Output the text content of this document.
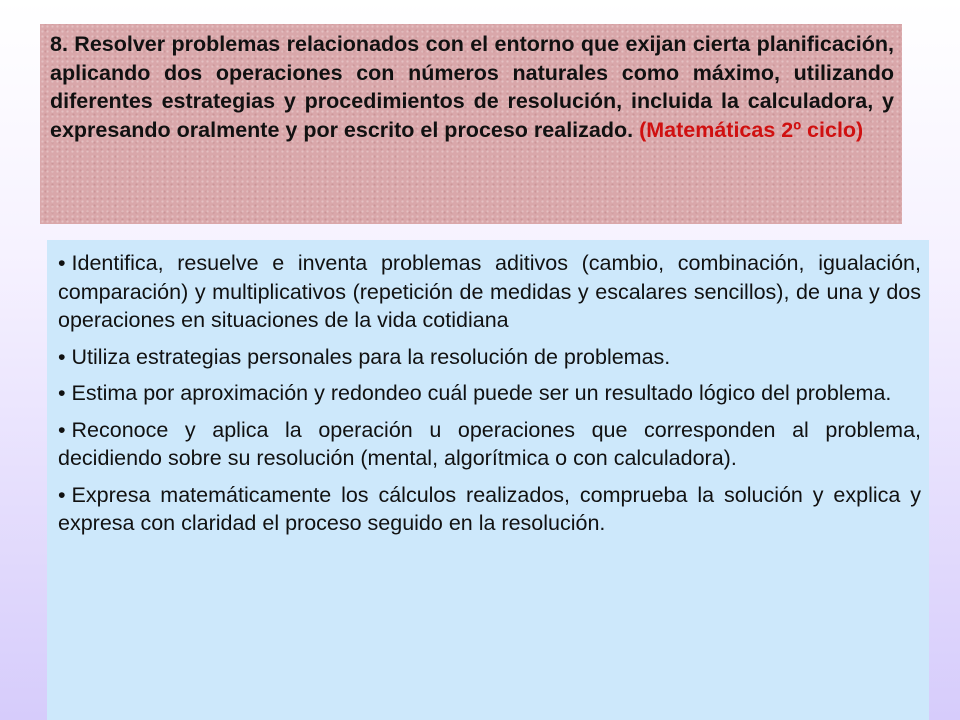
8. Resolver problemas relacionados con el entorno que exijan cierta planificación, aplicando dos operaciones con números naturales como máximo, utilizando diferentes estrategias y procedimientos de resolución, incluida la calculadora, y expresando oralmente y por escrito el proceso realizado. (Matemáticas 2º ciclo)

• Identifica, resuelve e inventa problemas aditivos (cambio, combinación, igualación, comparación) y multiplicativos (repetición de medidas y escalares sencillos), de una y dos operaciones en situaciones de la vida cotidiana
• Utiliza estrategias personales para la resolución de problemas.
• Estima por aproximación y redondeo cuál puede ser un resultado lógico del problema.
• Reconoce y aplica la operación u operaciones que corresponden al problema, decidiendo sobre su resolución (mental, algorítmica o con calculadora).
• Expresa matemáticamente los cálculos realizados, comprueba la solución y explica y expresa con claridad el proceso seguido en la resolución.
